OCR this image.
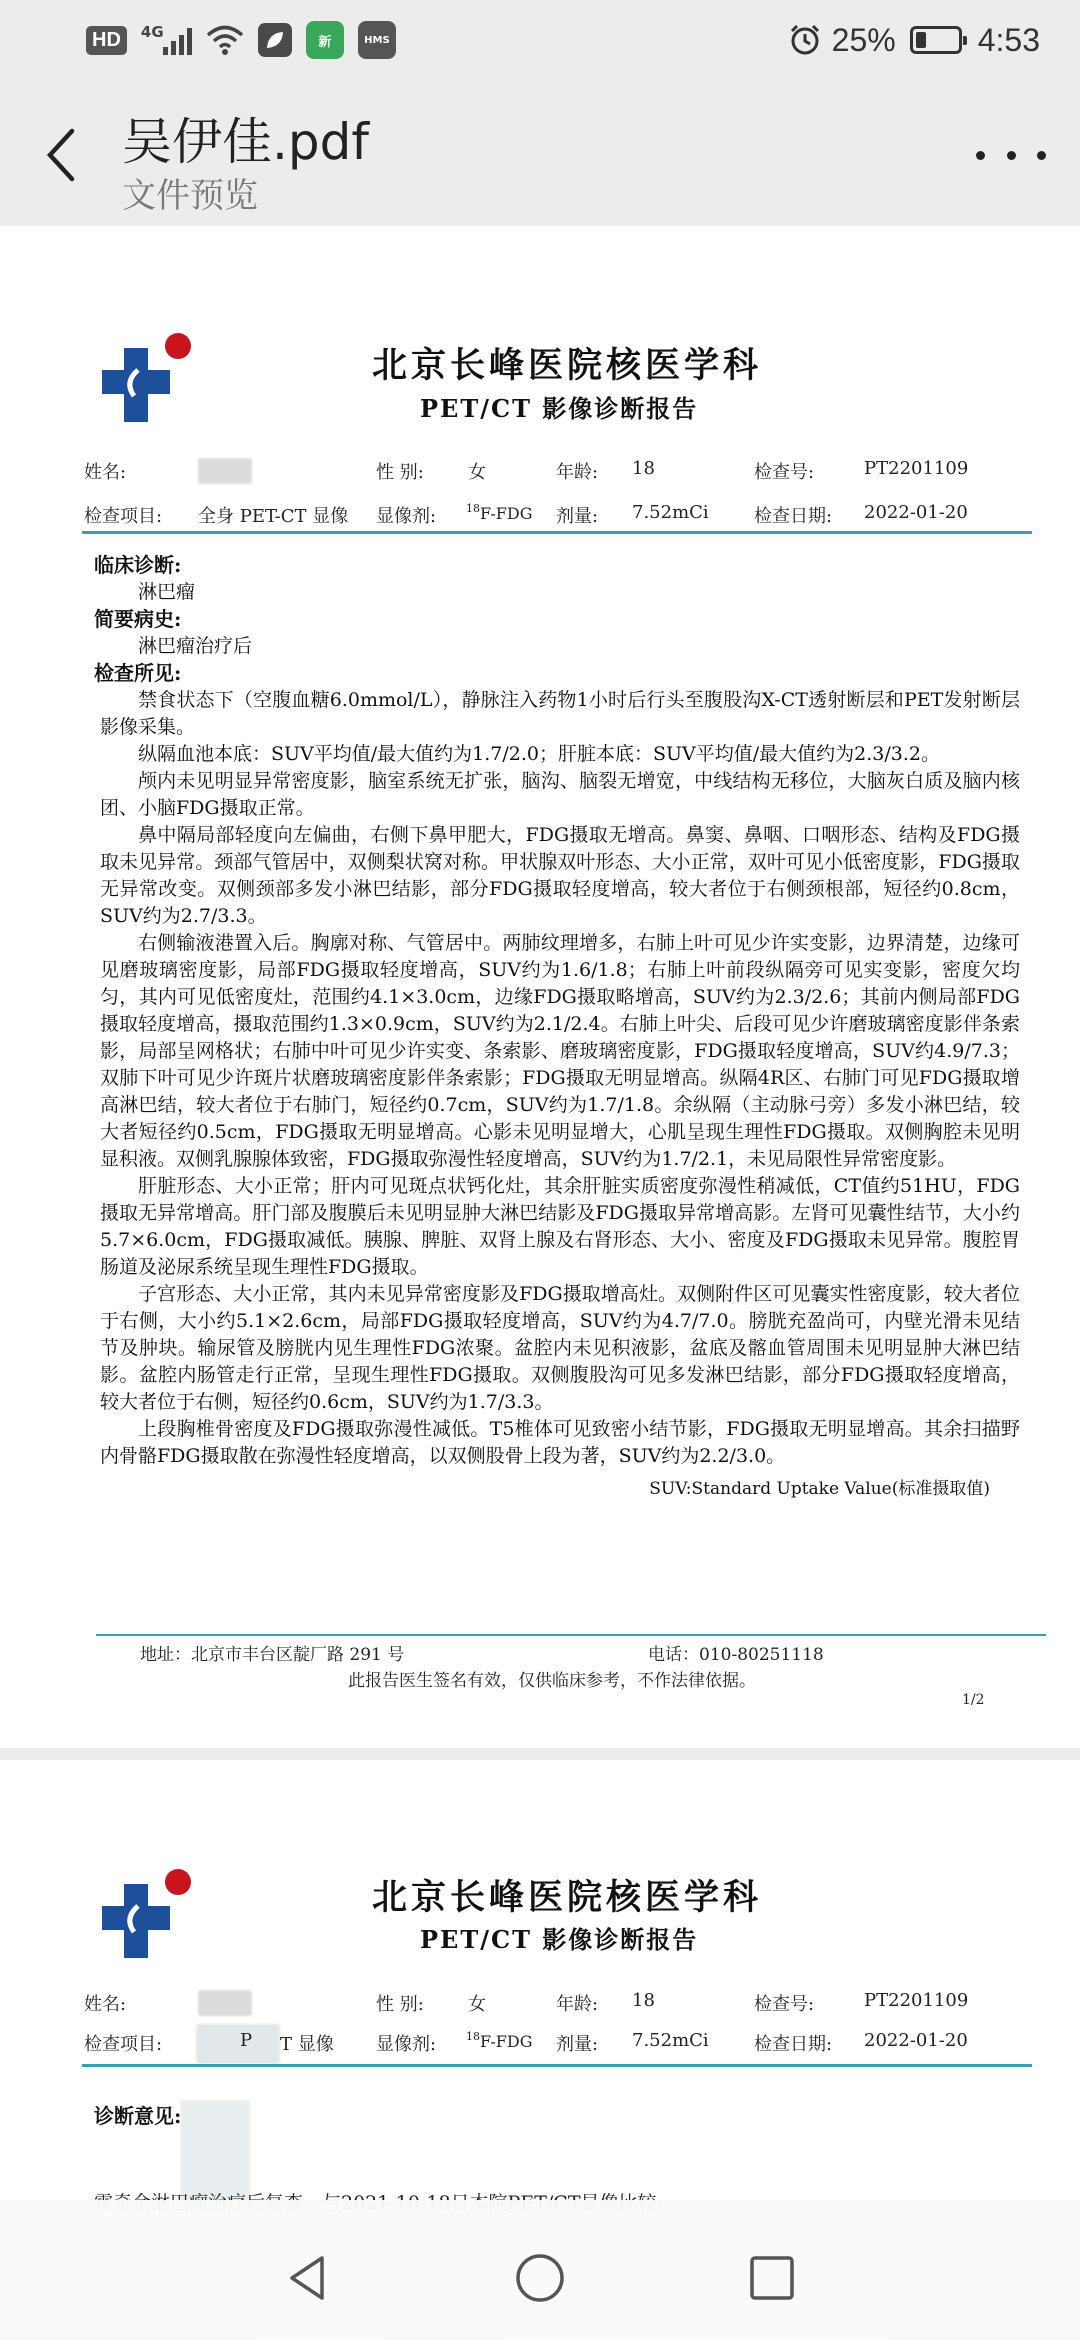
HD	4G
新	HMS	25%	4:53
吴伊佳.pdf
文件预览
北京长峰医院核医学科
PET/CT 影像诊断报告
姓名:	性 别: 女	年龄: 18	检查号:	PT2201109
检查项目: 全身 PET-CT 显像 显像剂:	$^{18}$F-FDG 剂量: 7.52mCi	检查日期: 2022-01-20
临床诊断:
淋巴瘤
简要病史:
淋巴瘤治疗后
检查所见:
禁食状态下（空腹血糖6.0mmol/L），静脉注入药物1小时后行头至腹股沟X-CT透射断层和PET发射断层影像采集。
纵隔血池本底：SUV平均值/最大值约为1.7/2.0；肝脏本底：SUV平均值/最大值约为2.3/3.2。
颅内未见明显异常密度影，脑室系统无扩张，脑沟、脑裂无增宽，中线结构无移位，大脑灰白质及脑内核团、小脑FDG摄取正常。
鼻中隔局部轻度向左偏曲，右侧下鼻甲肥大，FDG摄取无增高。鼻窦、鼻咽、口咽形态、结构及FDG摄取未见异常。颈部气管居中，双侧梨状窝对称。甲状腺双叶形态、大小正常，双叶可见小低密度影，FDG摄取无异常改变。双侧颈部多发小淋巴结影，部分FDG摄取轻度增高，较大者位于右侧颈根部，短径约0.8cm，SUV约为2.7/3.3。
右侧输液港置入后。胸廓对称、气管居中。两肺纹理增多，右肺上叶可见少许实变影，边界清楚，边缘可见磨玻璃密度影，局部FDG摄取轻度增高，SUV约为1.6/1.8；右肺上叶前段纵隔旁可见实变影，密度欠均匀，其内可见低密度灶，范围约4.1×3.0cm，边缘FDG摄取略增高，SUV约为2.3/2.6；其前内侧局部FDG摄取轻度增高，摄取范围约1.3×0.9cm，SUV约为2.1/2.4。右肺上叶尖、后段可见少许磨玻璃密度影伴条索影，局部呈网格状；右肺中叶可见少许实变、条索影、磨玻璃密度影，FDG摄取轻度增高，SUV约4.9/7.3；双肺下叶可见少许斑片状磨玻璃密度影伴条索影；FDG摄取无明显增高。纵隔4R区、右肺门可见FDG摄取增高淋巴结，较大者位于右肺门，短径约0.7cm，SUV约为1.7/1.8。余纵隔（主动脉弓旁）多发小淋巴结，较大者短径约0.5cm，FDG摄取无明显增高。心影未见明显增大，心肌呈现生理性FDG摄取。双侧胸腔未见明显积液。双侧乳腺腺体致密，FDG摄取弥漫性轻度增高，SUV约为1.7/2.1，未见局限性异常密度影。
肝脏形态、大小正常；肝内可见斑点状钙化灶，其余肝脏实质密度弥漫性稍减低，CT值约51HU，FDG摄取无异常增高。肝门部及腹膜后未见明显肿大淋巴结影及FDG摄取异常增高影。左肾可见囊性结节，大小约5.7×6.0cm，FDG摄取减低。胰腺、脾脏、双肾上腺及右肾形态、大小、密度及FDG摄取未见异常。腹腔胃肠道及泌尿系统呈现生理性FDG摄取。
子宫形态、大小正常，其内未见异常密度影及FDG摄取增高灶。双侧附件区可见囊实性密度影，较大者位于右侧，大小约5.1×2.6cm，局部FDG摄取轻度增高，SUV约为4.7/7.0。膀胱充盈尚可，内壁光滑未见结节及肿块。输尿管及膀胱内见生理性FDG浓聚。盆腔内未见积液影，盆底及髂血管周围未见明显肿大淋巴结影。盆腔内肠管走行正常，呈现生理性FDG摄取。双侧腹股沟可见多发淋巴结影，部分FDG摄取轻度增高，较大者位于右侧，短径约0.6cm，SUV约为1.7/3.3。
上段胸椎骨密度及FDG摄取弥漫性减低。T5椎体可见致密小结节影，FDG摄取无明显增高。其余扫描野内骨骼FDG摄取散在弥漫性轻度增高，以双侧股骨上段为著，SUV约为2.2/3.0。
SUV:Standard Uptake Value(标准摄取值)
地址：北京市丰台区靛厂路 291 号	电话：010-80251118
此报告医生签名有效，仅供临床参考，不作法律依据。
1/2
北京长峰医院核医学科
PET/CT 影像诊断报告
姓名:	性 别: 女	年龄: 18	检查号:	PT2201109
检查项目:	P T 显像 显像剂:	$^{18}$F-FDG 剂量: 7.52mCi	检查日期: 2022-01-20
诊断意见:
